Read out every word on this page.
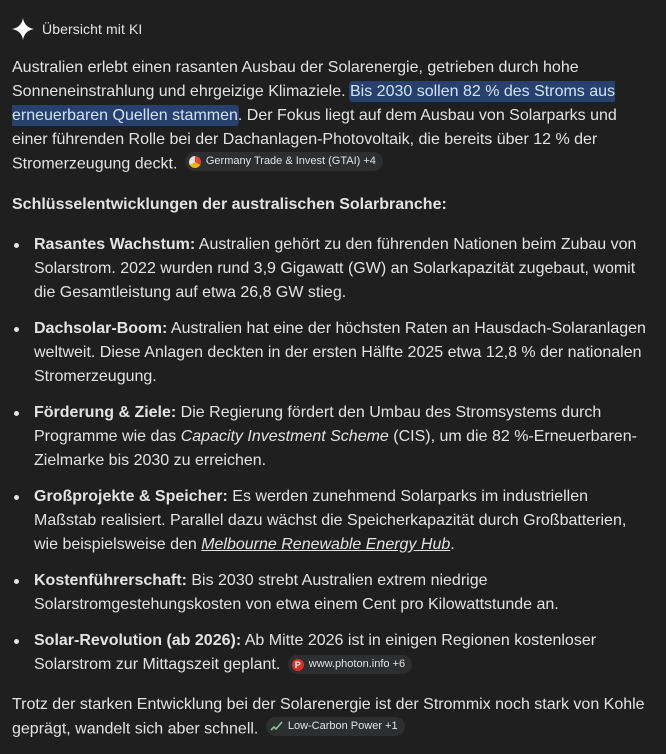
Übersicht mit KI

Australien erlebt einen rasanten Ausbau der Solarenergie, getrieben durch hohe Sonneneinstrahlung und ehrgeizige Klimaziele. Bis 2030 sollen 82 % des Stroms aus erneuerbaren Quellen stammen. Der Fokus liegt auf dem Ausbau von Solarparks und einer führenden Rolle bei der Dachanlagen-Photovoltaik, die bereits über 12 % der Stromerzeugung deckt.	Germany Trade & Invest (GTAI) +4

Schlüsselentwicklungen der australischen Solarbranche:

Rasantes Wachstum: Australien gehört zu den führenden Nationen beim Zubau von Solarstrom. 2022 wurden rund 3,9 Gigawatt (GW) an Solarkapazität zugebaut, womit die Gesamtleistung auf etwa 26,8 GW stieg.
Dachsolar-Boom: Australien hat eine der höchsten Raten an Hausdach-Solaranlagen weltweit. Diese Anlagen deckten in der ersten Hälfte 2025 etwa 12,8 % der nationalen Stromerzeugung.
Förderung & Ziele: Die Regierung fördert den Umbau des Stromsystems durch Programme wie das Capacity Investment Scheme (CIS), um die 82 %-Erneuerbaren-Zielmarke bis 2030 zu erreichen.
Großprojekte & Speicher: Es werden zunehmend Solarparks im industriellen Maßstab realisiert. Parallel dazu wächst die Speicherkapazität durch Großbatterien, wie beispielsweise den Melbourne Renewable Energy Hub.
Kostenführerschaft: Bis 2030 strebt Australien extrem niedrige Solarstromgestehungskosten von etwa einem Cent pro Kilowattstunde an.
Solar-Revolution (ab 2026): Ab Mitte 2026 ist in einigen Regionen kostenloser Solarstrom zur Mittagszeit geplant.	P www.photon.info +6

Trotz der starken Entwicklung bei der Solarenergie ist der Strommix noch stark von Kohle geprägt, wandelt sich aber schnell.	Low-Carbon Power +1
